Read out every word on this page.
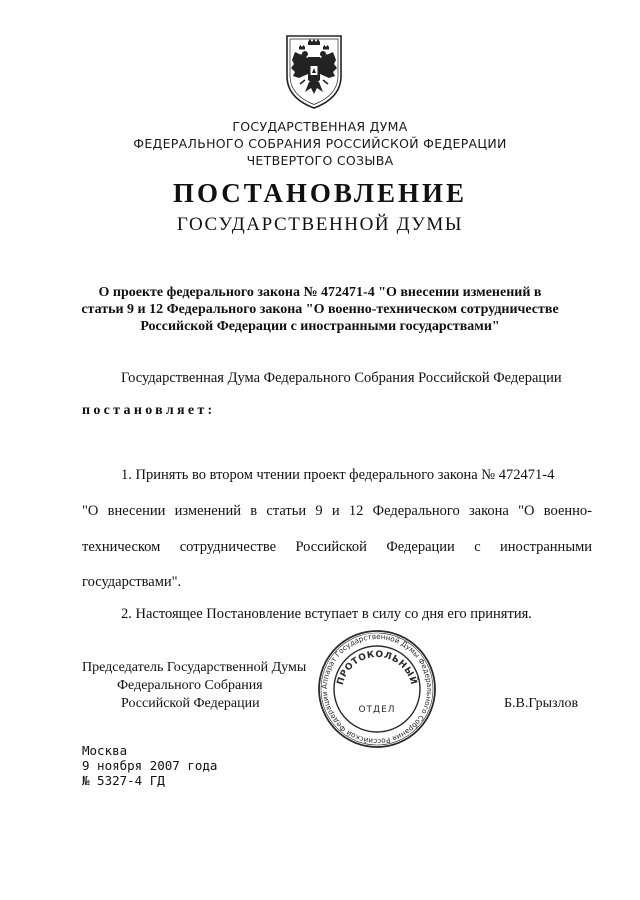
ГОСУДАРСТВЕННАЯ ДУМА
ФЕДЕРАЛЬНОГО СОБРАНИЯ РОССИЙСКОЙ ФЕДЕРАЦИИ
ЧЕТВЕРТОГО СОЗЫВА
ПОСТАНОВЛЕНИЕ
ГОСУДАРСТВЕННОЙ ДУМЫ
О проекте федерального закона № 472471-4 "О внесении изменений в
статьи 9 и 12 Федерального закона "О военно-техническом сотрудничестве
Российской Федерации с иностранными государствами"
Государственная Дума Федерального Собрания Российской Федерации
постановляет:
1. Принять во втором чтении проект федерального закона № 472471-4
"О внесении изменений в статьи 9 и 12 Федерального закона "О военно-
техническом сотрудничестве Российской Федерации с иностранными
государствами".
2. Настоящее Постановление вступает в силу со дня его принятия.
Председатель Государственной Думы
Федерального Собрания
Российской Федерации	Б.В.Грызлов
Аппарат Государственной Думы Федерального Собрания Российской Федерации
ПРОТОКОЛЬНЫЙ
ОТДЕЛ
Москва
9 ноября 2007 года
№ 5327-4 ГД
